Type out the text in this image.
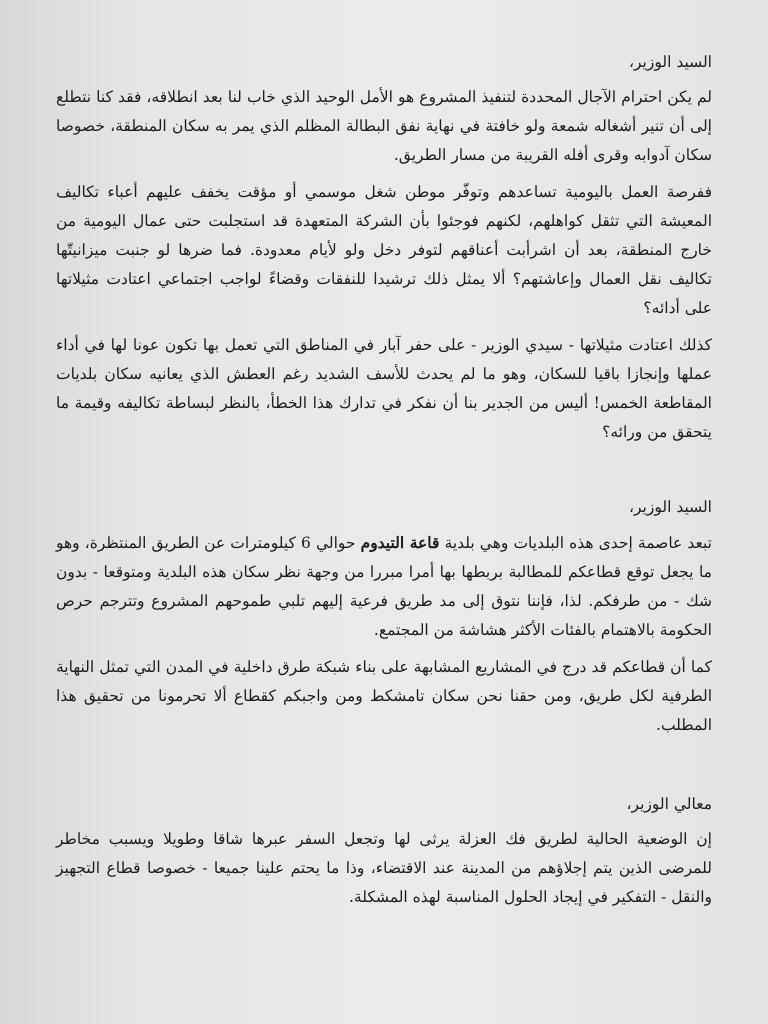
السيد الوزير،

لم يكن احترام الآجال المحددة لتنفيذ المشروع هو الأمل الوحيد الذي خاب لنا بعد انطلاقه، فقد كنا نتطلع إلى أن تنير أشغاله شمعة ولو خافتة في نهاية نفق البطالة المظلم الذي يمر به سكان المنطقة، خصوصا سكان آدوابه وقرى أفله القريبة من مسار الطريق.

ففرصة العمل باليومية تساعدهم وتوفّر موطن شغل موسمي أو مؤقت يخفف عليهم أعباء تكاليف المعيشة التي تثقل كواهلهم، لكنهم فوجئوا بأن الشركة المتعهدة قد استجلبت حتى عمال اليومية من خارج المنطقة، بعد أن اشرأبت أعناقهم لتوفر دخل ولو لأيام معدودة. فما ضرها لو جنبت ميزانيتّها تكاليف نقل العمال وإعاشتهم؟ ألا يمثل ذلك ترشيدا للنفقات وقضاءً لواجب اجتماعي اعتادت مثيلاتها على أدائه؟

كذلك اعتادت مثيلاتها - سيدي الوزير - على حفر آبار في المناطق التي تعمل بها تكون عونا لها في أداء عملها وإنجازا باقيا للسكان، وهو ما لم يحدث للأسف الشديد رغم العطش الذي يعانيه سكان بلديات المقاطعة الخمس! أليس من الجدير بنا أن نفكر في تدارك هذا الخطأ، بالنظر لبساطة تكاليفه وقيمة ما يتحقق من ورائه؟

السيد الوزير،

تبعد عاصمة إحدى هذه البلديات وهي بلدية قاعة التيدوم حوالي 6 كيلومترات عن الطريق المنتظرة، وهو ما يجعل توقع قطاعكم للمطالبة بربطها بها أمرا مبررا من وجهة نظر سكان هذه البلدية ومتوقعا - بدون شك - من طرفكم. لذا، فإننا نتوق إلى مد طريق فرعية إليهم تلبي طموحهم المشروع وتترجم حرص الحكومة بالاهتمام بالفئات الأكثر هشاشة من المجتمع.

كما أن قطاعكم قد درج في المشاريع المشابهة على بناء شبكة طرق داخلية في المدن التي تمثل النهاية الطرفية لكل طريق، ومن حقنا نحن سكان تامشكط ومن واجبكم كقطاع ألا تحرمونا من تحقيق هذا المطلب.

معالي الوزير،

إن الوضعية الحالية لطريق فك العزلة يرثى لها وتجعل السفر عبرها شاقا وطويلا ويسبب مخاطر للمرضى الذين يتم إجلاؤهم من المدينة عند الاقتضاء، وذا ما يحتم علينا جميعا - خصوصا قطاع التجهيز والنقل - التفكير في إيجاد الحلول المناسبة لهذه المشكلة.
